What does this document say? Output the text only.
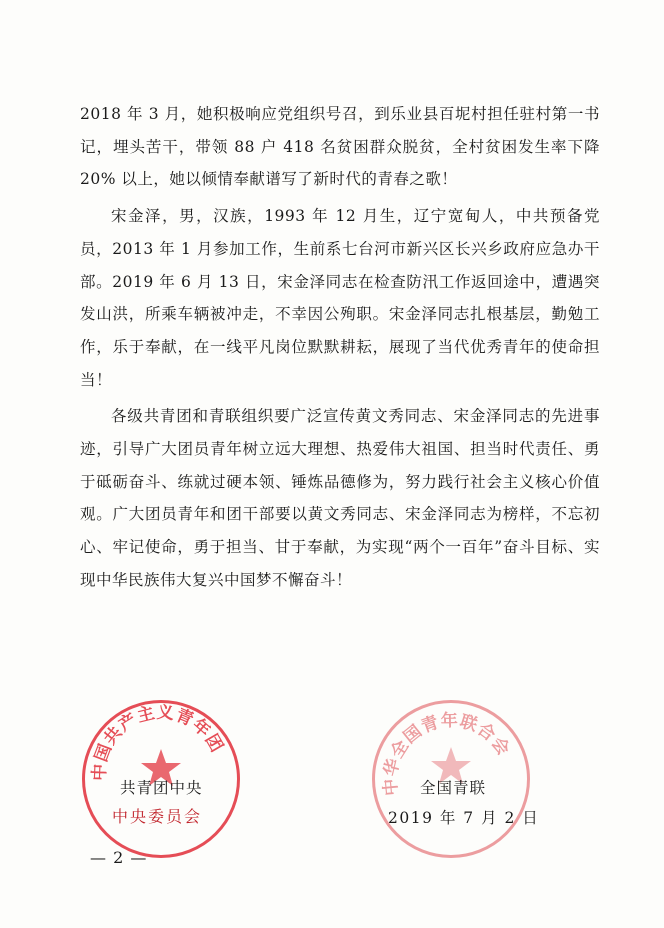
2018 年 3 月，她积极响应党组织号召，到乐业县百坭村担任驻村第一书记，埋头苦干，带领 88 户 418 名贫困群众脱贫，全村贫困发生率下降 20% 以上，她以倾情奉献谱写了新时代的青春之歌！

宋金泽，男，汉族，1993 年 12 月生，辽宁宽甸人，中共预备党员，2013 年 1 月参加工作，生前系七台河市新兴区长兴乡政府应急办干部。2019 年 6 月 13 日，宋金泽同志在检查防汛工作返回途中，遭遇突发山洪，所乘车辆被冲走，不幸因公殉职。宋金泽同志扎根基层，勤勉工作，乐于奉献，在一线平凡岗位默默耕耘，展现了当代优秀青年的使命担当！

各级共青团和青联组织要广泛宣传黄文秀同志、宋金泽同志的先进事迹，引导广大团员青年树立远大理想、热爱伟大祖国、担当时代责任、勇于砥砺奋斗、练就过硬本领、锤炼品德修为，努力践行社会主义核心价值观。广大团员青年和团干部要以黄文秀同志、宋金泽同志为榜样，不忘初心、牢记使命，勇于担当、甘于奉献，为实现“两个一百年”奋斗目标、实现中华民族伟大复兴中国梦不懈奋斗！

中国共产主义青年团
中华全国青年联合会
共青团中央
中央委员会
全国青联
2019 年 7 月 2 日
— 2 —
